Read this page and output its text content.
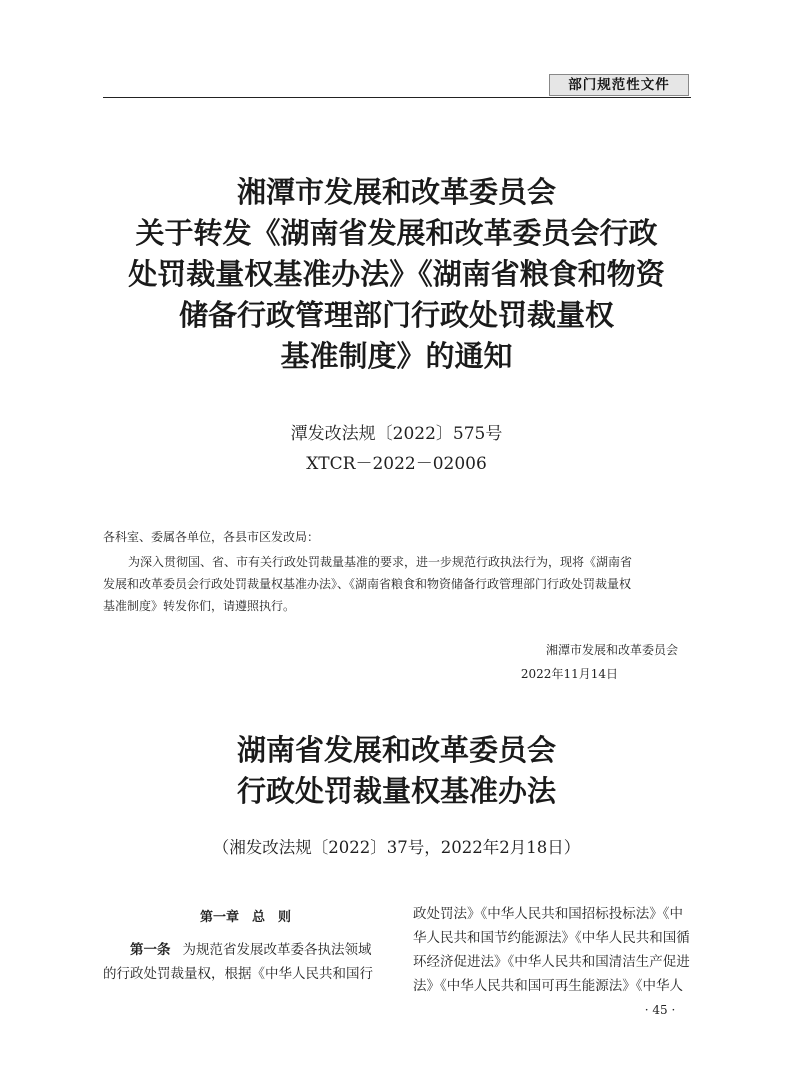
部门规范性文件
湘潭市发展和改革委员会
关于转发《湖南省发展和改革委员会行政
处罚裁量权基准办法》《湖南省粮食和物资
储备行政管理部门行政处罚裁量权
基准制度》的通知
潭发改法规〔2022〕575号
XTCR－2022－02006
各科室、委属各单位，各县市区发改局：
为深入贯彻国、省、市有关行政处罚裁量基准的要求，进一步规范行政执法行为，现将《湖南省
发展和改革委员会行政处罚裁量权基准办法》、《湖南省粮食和物资储备行政管理部门行政处罚裁量权
基准制度》转发你们，请遵照执行。
湘潭市发展和改革委员会
2022年11月14日
湖南省发展和改革委员会
行政处罚裁量权基准办法
（湘发改法规〔2022〕37号，2022年2月18日）

第一章　总　则

第一条 为规范省发展改革委各执法领域

的行政处罚裁量权，根据《中华人民共和国行

政处罚法》《中华人民共和国招标投标法》《中

华人民共和国节约能源法》《中华人民共和国循

环经济促进法》《中华人民共和国清洁生产促进

法》《中华人民共和国可再生能源法》《中华人

· 45 ·
